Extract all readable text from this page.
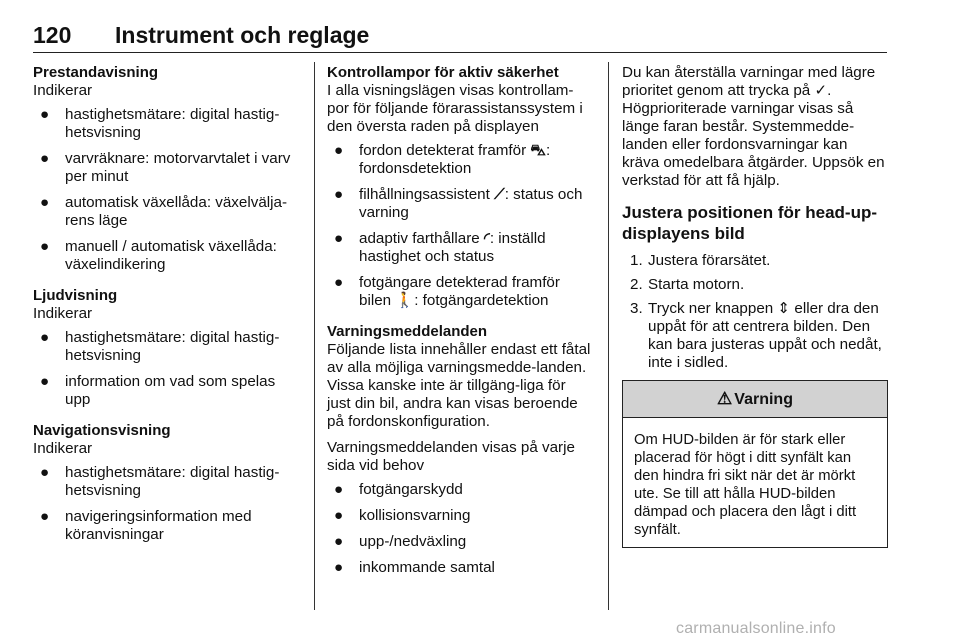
120 Instrument och reglage

Prestandavisning

Indikerar

● hastighetsmätare: digital hastig-hetsvisning
● varvräknare: motorvarvtalet i varv per minut
● automatisk växellåda: växelvälja-rens läge
● manuell / automatisk växellåda: växelindikering

Ljudvisning

Indikerar

● hastighetsmätare: digital hastig-hetsvisning
● information om vad som spelas upp

Navigationsvisning

Indikerar

● hastighetsmätare: digital hastig-hetsvisning
● navigeringsinformation med köranvisningar

Kontrollampor för aktiv säkerhet

I alla visningslägen visas kontrollam-por för följande förarassistanssystem i den översta raden på displayen

● fordon detekterat framför ⛍: fordonsdetektion
● filhållningsassistent ⟋: status och varning
● adaptiv farthållare ◜: inställd hastighet och status
● fotgängare detekterad framför bilen 🚶: fotgängardetektion

Varningsmeddelanden

Följande lista innehåller endast ett fåtal av alla möjliga varningsmedde-landen. Vissa kanske inte är tillgäng-liga för just din bil, andra kan visas beroende på fordonskonfiguration.

Varningsmeddelanden visas på varje sida vid behov

● fotgängarskydd
● kollisionsvarning
● upp-/nedväxling
● inkommande samtal

Du kan återställa varningar med lägre prioritet genom att trycka på ✓. Högprioriterade varningar visas så länge faran består. Systemmedde-landen eller fordonsvarningar kan kräva omedelbara åtgärder. Uppsök en verkstad för att få hjälp.

Justera positionen för head-up-displayens bild

1. Justera förarsätet.
2. Starta motorn.
3. Tryck ner knappen ⇕ eller dra den uppåt för att centrera bilden. Den kan bara justeras uppåt och nedåt, inte i sidled.
⚠ Varning
Om HUD-bilden är för stark eller placerad för högt i ditt synfält kan den hindra fri sikt när det är mörkt ute. Se till att hålla HUD-bilden dämpad och placera den lågt i ditt synfält.
carmanualsonline.info
